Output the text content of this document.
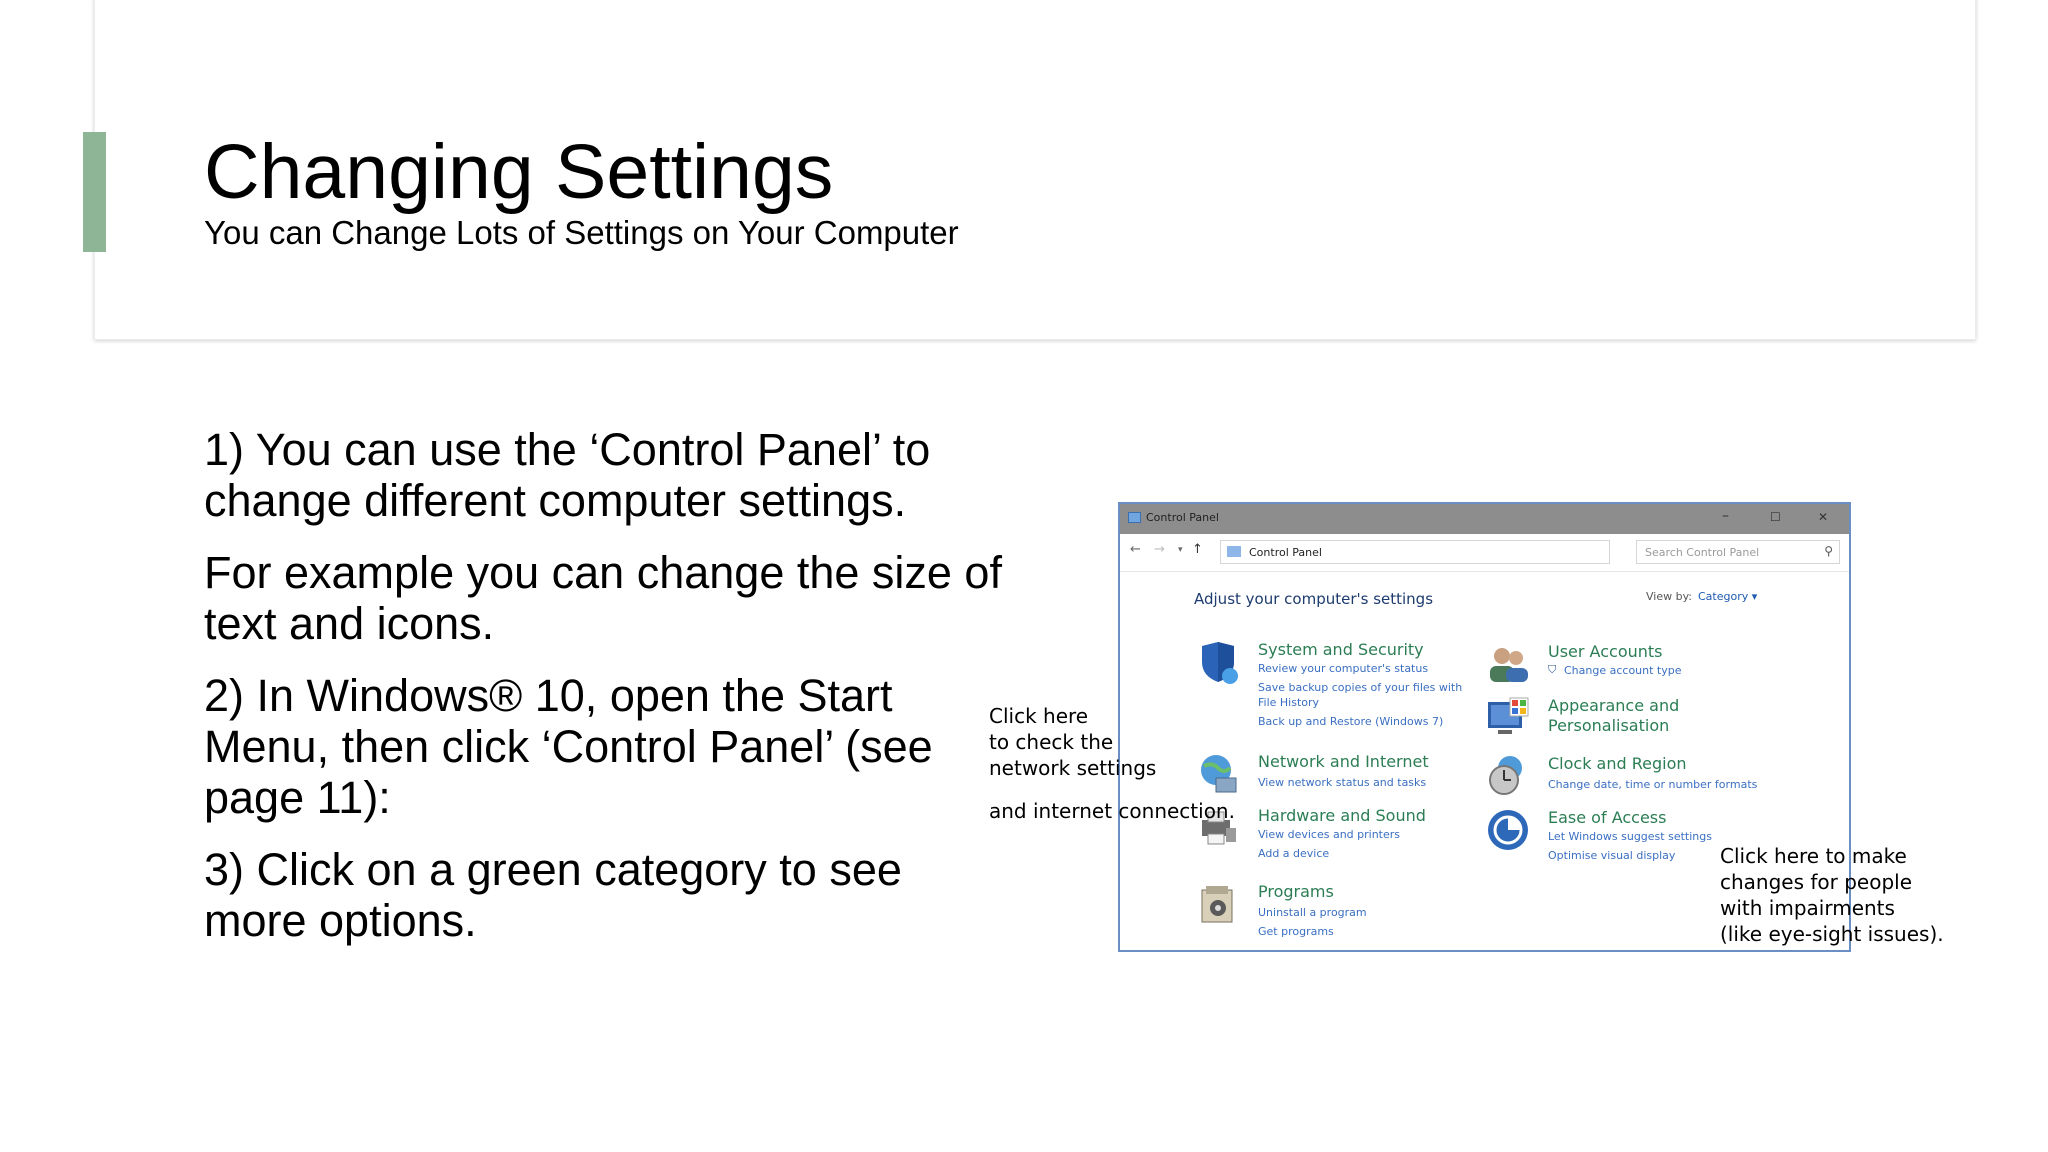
Changing Settings
You can Change Lots of Settings on Your Computer

1) You can use the ‘Control Panel’ to change different computer settings.

For example you can change the size of text and icons.

2) In Windows® 10, open the Start Menu, then click ‘Control Panel’ (see page 11):

3) Click on a green category to see more options.

Control Panel	–	☐	✕
← → ▾ ↑	Control Panel	Search Control Panel	⚲
Adjust your computer's settings	View by: Category ▾
System and Security
Review your computer's status
Save backup copies of your files with
File History
Back up and Restore (Windows 7)
Network and Internet
View network status and tasks
Hardware and Sound
View devices and printers
Add a device
Programs
Uninstall a program
Get programs
User Accounts
Change account type
⛉
Appearance and
Personalisation
Clock and Region
Change date, time or number formats
Ease of Access
Let Windows suggest settings
Optimise visual display
Click here
to check the
network settings
and internet connection.
Click here to make
changes for people
with impairments
(like eye-sight issues).
